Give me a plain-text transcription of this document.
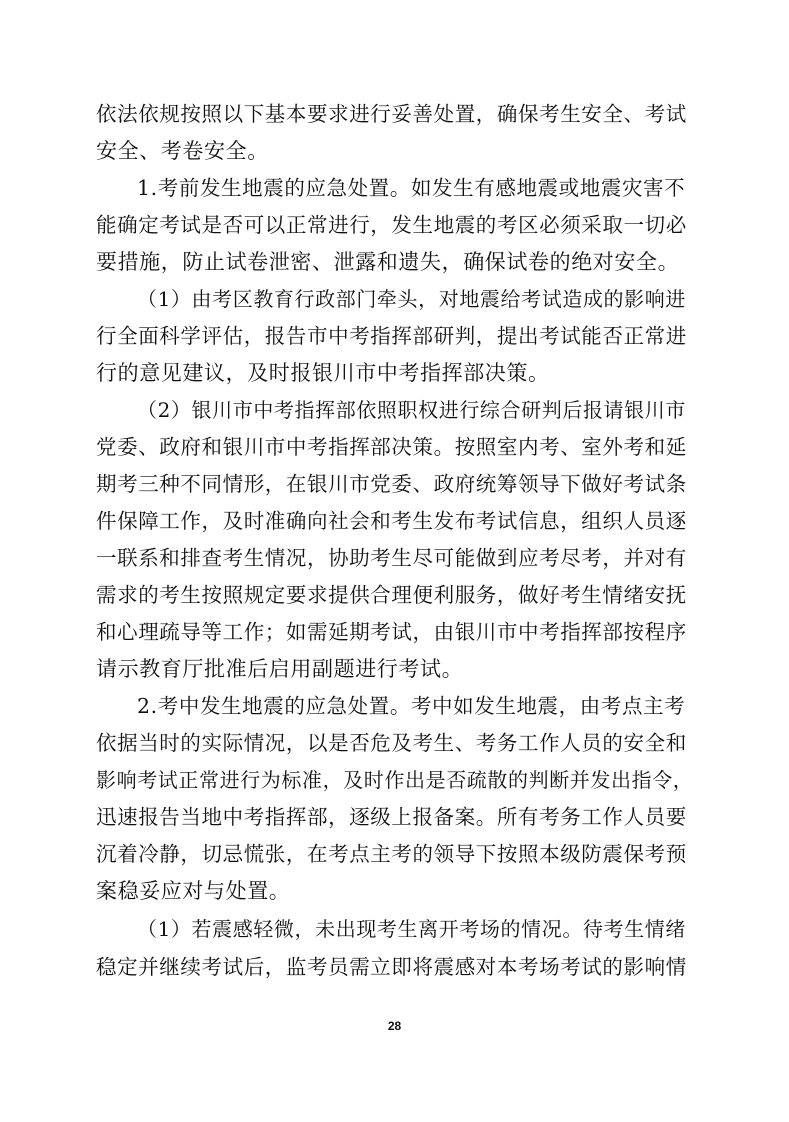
依法依规按照以下基本要求进行妥善处置，确保考生安全、考试
安全、考卷安全。
1.考前发生地震的应急处置。如发生有感地震或地震灾害不
能确定考试是否可以正常进行，发生地震的考区必须采取一切必
要措施，防止试卷泄密、泄露和遗失，确保试卷的绝对安全。
（1）由考区教育行政部门牵头，对地震给考试造成的影响进
行全面科学评估，报告市中考指挥部研判，提出考试能否正常进
行的意见建议，及时报银川市中考指挥部决策。
（2）银川市中考指挥部依照职权进行综合研判后报请银川市
党委、政府和银川市中考指挥部决策。按照室内考、室外考和延
期考三种不同情形，在银川市党委、政府统筹领导下做好考试条
件保障工作，及时准确向社会和考生发布考试信息，组织人员逐
一联系和排查考生情况，协助考生尽可能做到应考尽考，并对有
需求的考生按照规定要求提供合理便利服务，做好考生情绪安抚
和心理疏导等工作；如需延期考试，由银川市中考指挥部按程序
请示教育厅批准后启用副题进行考试。
2.考中发生地震的应急处置。考中如发生地震，由考点主考
依据当时的实际情况，以是否危及考生、考务工作人员的安全和
影响考试正常进行为标准，及时作出是否疏散的判断并发出指令，
迅速报告当地中考指挥部，逐级上报备案。所有考务工作人员要
沉着冷静，切忌慌张，在考点主考的领导下按照本级防震保考预
案稳妥应对与处置。
（1）若震感轻微，未出现考生离开考场的情况。待考生情绪
稳定并继续考试后，监考员需立即将震感对本考场考试的影响情
28
